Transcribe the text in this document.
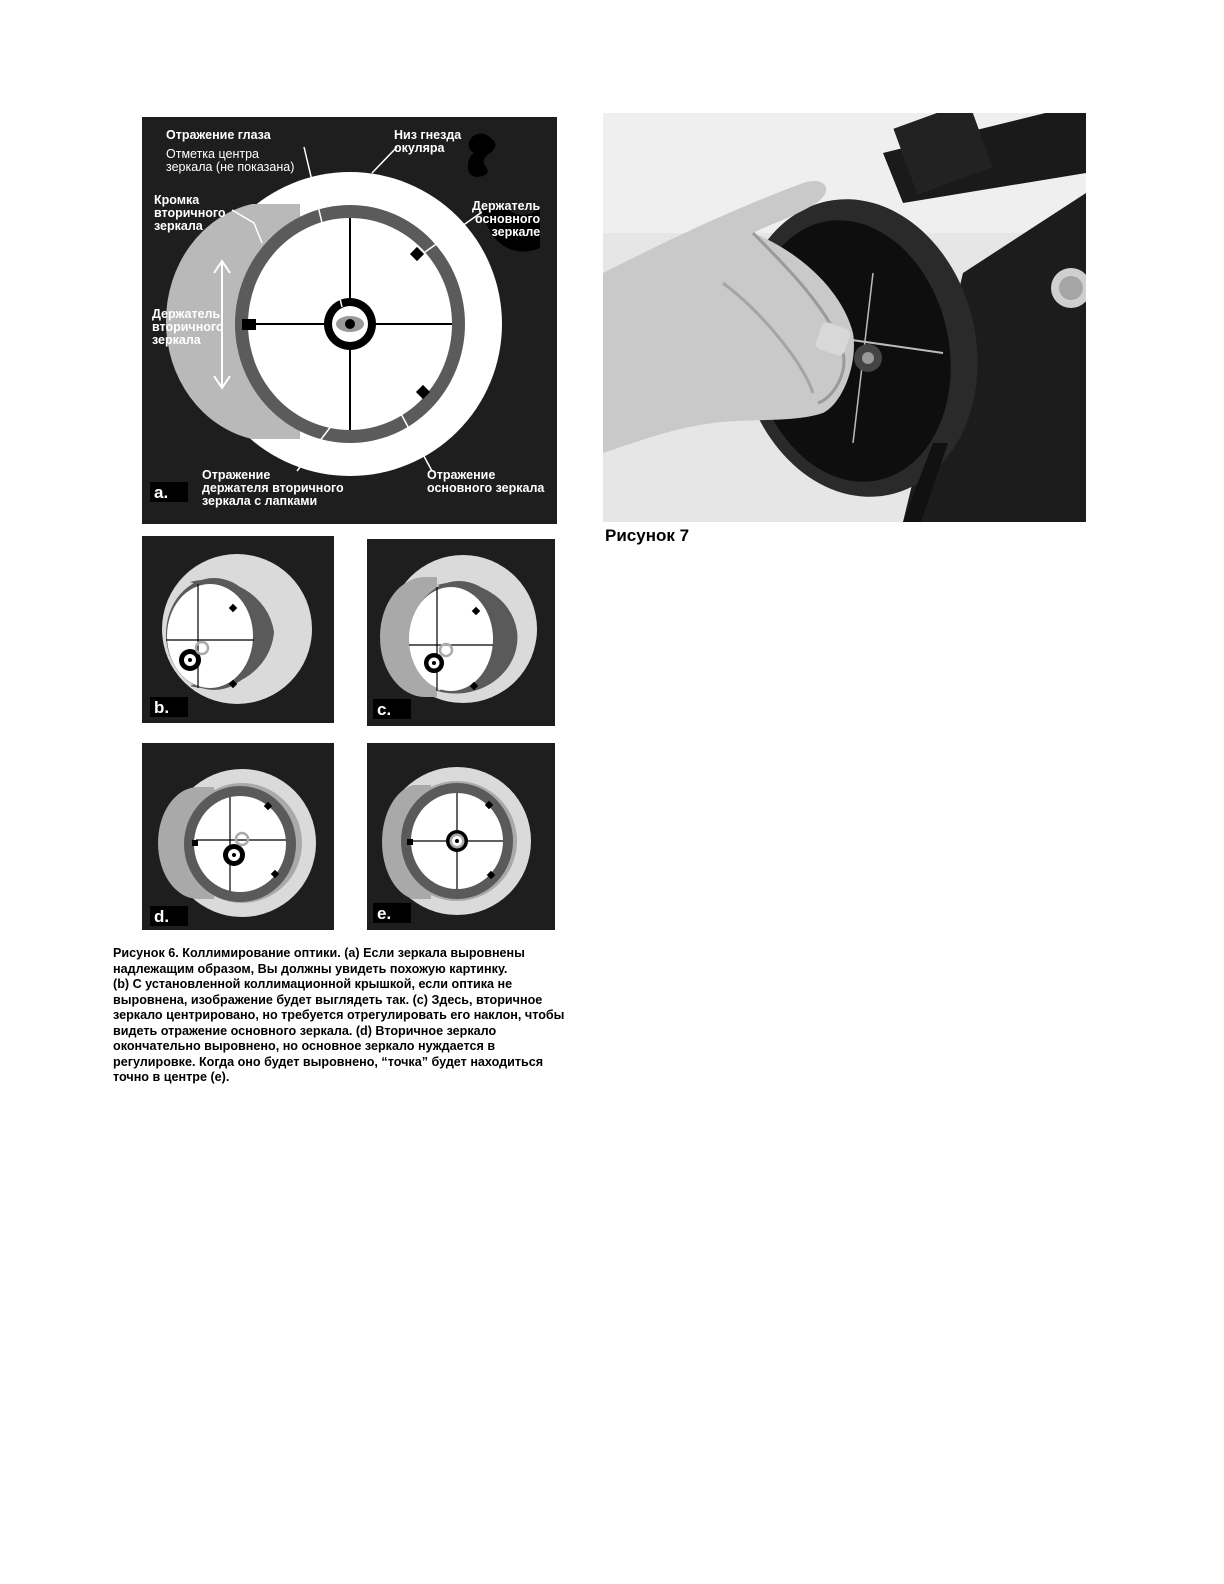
Отражение глаза
Отметка центра
зеркала (не показана)
Низ гнезда
окуляра
Кромка
вторичного
зеркала
Держатель
основного
зеркале
Держатель
вторичного
зеркала
Отражение
держателя вторичного
зеркала с лапками
Отражение
основного зеркала
a.
b.	c.
d.	e.
Рисунок 7
Рисунок 6. Коллимирование оптики. (a) Если зеркала выровнены
надлежащим образом, Вы должны увидеть похожую картинку.
(b) С установленной коллимационной крышкой, если оптика не
выровнена, изображение будет выглядеть так. (c) Здесь, вторичное
зеркало центрировано, но требуется отрегулировать его наклон, чтобы
видеть отражение основного зеркала. (d) Вторичное зеркало
окончательно выровнено, но основное зеркало нуждается в
регулировке. Когда оно будет выровнено, “точка” будет находиться
точно в центре (e).
